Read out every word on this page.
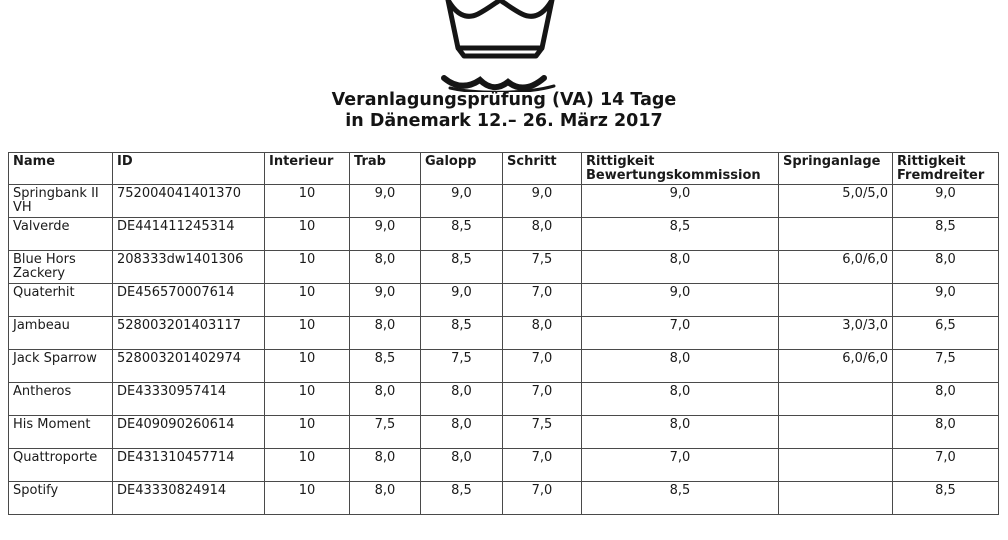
Veranlagungsprüfung (VA) 14 Tage
in Dänemark 12.– 26. März 2017
Name	ID	Interieur	Trab	Galopp	Schritt	Rittigkeit Bewertungskommission	Springanlage	Rittigkeit Fremdreiter
Springbank II VH	752004041401370	10	9,0	9,0	9,0	9,0	5,0/5,0	9,0
Valverde	DE441411245314	10	9,0	8,5	8,0	8,5		8,5
Blue Hors Zackery	208333dw1401306	10	8,0	8,5	7,5	8,0	6,0/6,0	8,0
Quaterhit	DE456570007614	10	9,0	9,0	7,0	9,0		9,0
Jambeau	528003201403117	10	8,0	8,5	8,0	7,0	3,0/3,0	6,5
Jack Sparrow	528003201402974	10	8,5	7,5	7,0	8,0	6,0/6,0	7,5
Antheros	DE43330957414	10	8,0	8,0	7,0	8,0		8,0
His Moment	DE409090260614	10	7,5	8,0	7,5	8,0		8,0
Quattroporte	DE431310457714	10	8,0	8,0	7,0	7,0		7,0
Spotify	DE43330824914	10	8,0	8,5	7,0	8,5		8,5
